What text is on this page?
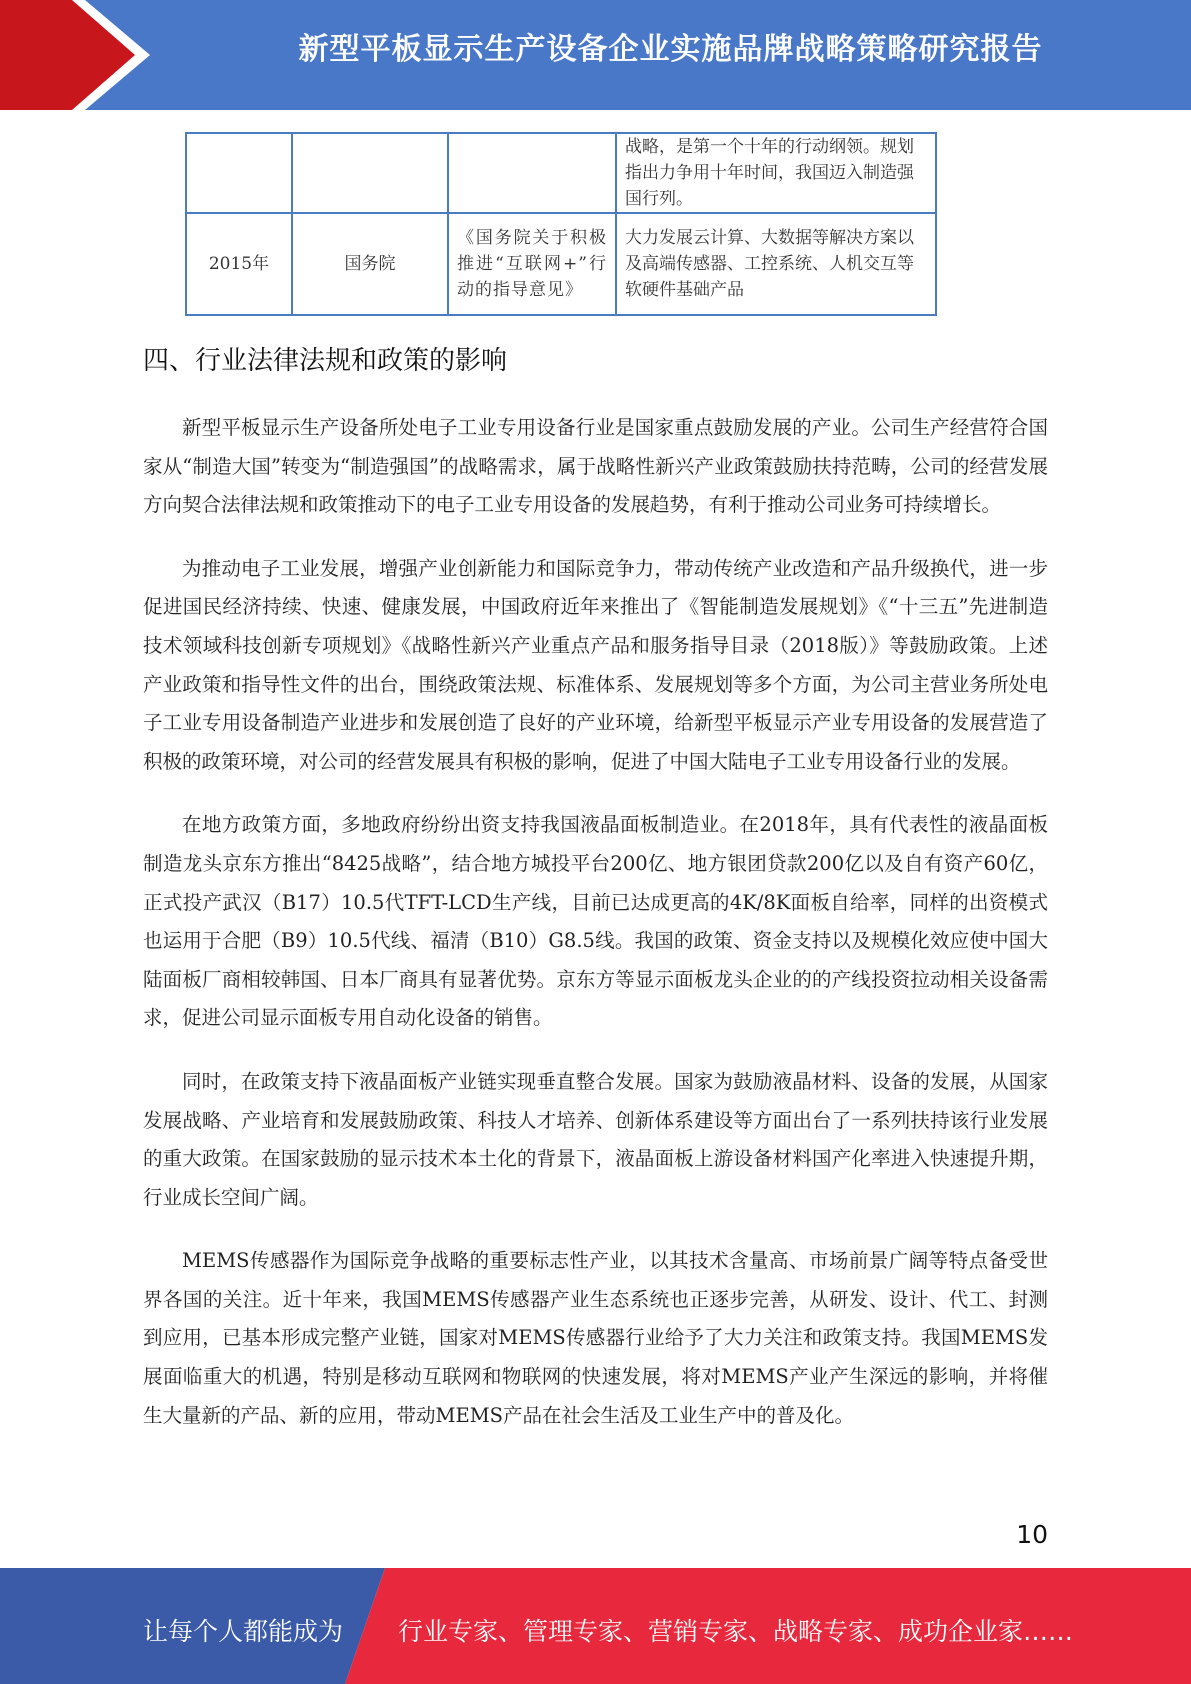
新型平板显示生产设备企业实施品牌战略策略研究报告
			战略，是第一个十年的行动纲领。规划指出力争用十年时间，我国迈入制造强国行列。
2015年	国务院	《国务院关于积极推进“互联网+”行动的指导意见》	大力发展云计算、大数据等解决方案以及高端传感器、工控系统、人机交互等软硬件基础产品
四、行业法律法规和政策的影响

新型平板显示生产设备所处电子工业专用设备行业是国家重点鼓励发展的产业。公司生产经营符合国家从“制造大国”转变为“制造强国”的战略需求，属于战略性新兴产业政策鼓励扶持范畴，公司的经营发展方向契合法律法规和政策推动下的电子工业专用设备的发展趋势，有利于推动公司业务可持续增长。

为推动电子工业发展，增强产业创新能力和国际竞争力，带动传统产业改造和产品升级换代，进一步促进国民经济持续、快速、健康发展，中国政府近年来推出了《智能制造发展规划》《“十三五”先进制造技术领域科技创新专项规划》《战略性新兴产业重点产品和服务指导目录（2018版）》等鼓励政策。上述产业政策和指导性文件的出台，围绕政策法规、标准体系、发展规划等多个方面，为公司主营业务所处电子工业专用设备制造产业进步和发展创造了良好的产业环境，给新型平板显示产业专用设备的发展营造了积极的政策环境，对公司的经营发展具有积极的影响，促进了中国大陆电子工业专用设备行业的发展。

在地方政策方面，多地政府纷纷出资支持我国液晶面板制造业。在2018年，具有代表性的液晶面板制造龙头京东方推出“8425战略”，结合地方城投平台200亿、地方银团贷款200亿以及自有资产60亿，正式投产武汉（B17）10.5代TFT-LCD生产线，目前已达成更高的4K/8K面板自给率，同样的出资模式也运用于合肥（B9）10.5代线、福清（B10）G8.5线。我国的政策、资金支持以及规模化效应使中国大陆面板厂商相较韩国、日本厂商具有显著优势。京东方等显示面板龙头企业的的产线投资拉动相关设备需求，促进公司显示面板专用自动化设备的销售。

同时，在政策支持下液晶面板产业链实现垂直整合发展。国家为鼓励液晶材料、设备的发展，从国家发展战略、产业培育和发展鼓励政策、科技人才培养、创新体系建设等方面出台了一系列扶持该行业发展的重大政策。在国家鼓励的显示技术本土化的背景下，液晶面板上游设备材料国产化率进入快速提升期，行业成长空间广阔。

MEMS传感器作为国际竞争战略的重要标志性产业，以其技术含量高、市场前景广阔等特点备受世界各国的关注。近十年来，我国MEMS传感器产业生态系统也正逐步完善，从研发、设计、代工、封测到应用，已基本形成完整产业链，国家对MEMS传感器行业给予了大力关注和政策支持。我国MEMS发展面临重大的机遇，特别是移动互联网和物联网的快速发展，将对MEMS产业产生深远的影响，并将催生大量新的产品、新的应用，带动MEMS产品在社会生活及工业生产中的普及化。

10
让每个人都能成为 行业专家、管理专家、营销专家、战略专家、成功企业家……
